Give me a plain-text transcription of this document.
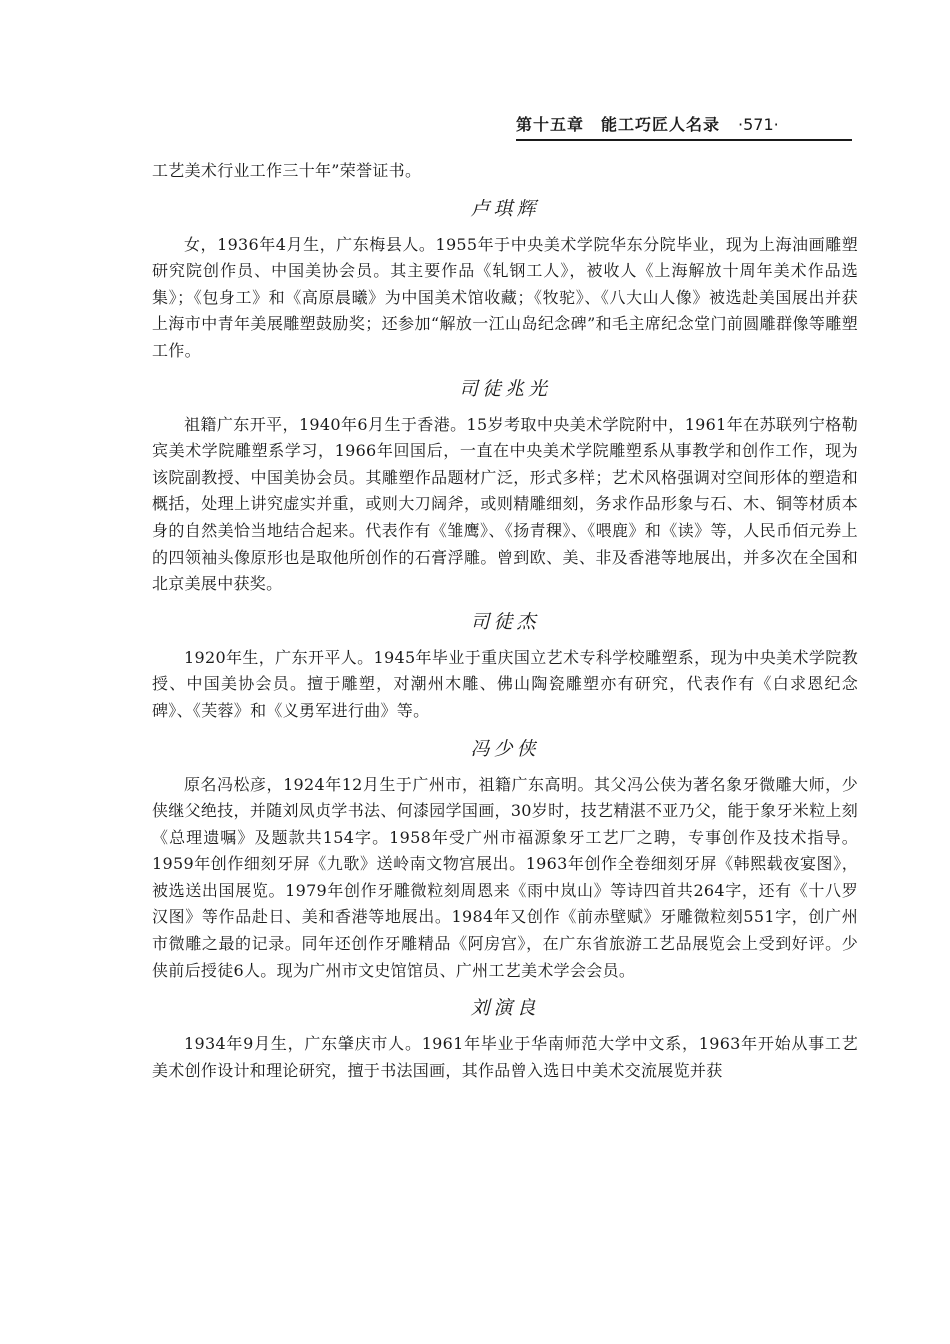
第十五章　能工巧匠人名录 ·571·

工艺美术行业工作三十年”荣誉证书。

卢琪辉

女，1936年4月生，广东梅县人。1955年于中央美术学院华东分院毕业，现为上海油画雕塑研究院创作员、中国美协会员。其主要作品《轧钢工人》，被收人《上海解放十周年美术作品选集》；《包身工》和《高原晨曦》为中国美术馆收藏；《牧驼》、《八大山人像》被选赴美国展出并获上海市中青年美展雕塑鼓励奖；还参加“解放一江山岛纪念碑”和毛主席纪念堂门前圆雕群像等雕塑工作。

司徒兆光

祖籍广东开平，1940年6月生于香港。15岁考取中央美术学院附中，1961年在苏联列宁格勒宾美术学院雕塑系学习，1966年回国后，一直在中央美术学院雕塑系从事教学和创作工作，现为该院副教授、中国美协会员。其雕塑作品题材广泛，形式多样；艺术风格强调对空间形体的塑造和概括，处理上讲究虚实并重，或则大刀阔斧，或则精雕细刻，务求作品形象与石、木、铜等材质本身的自然美恰当地结合起来。代表作有《雏鹰》、《扬青稞》、《喂鹿》和《读》等，人民币佰元券上的四领袖头像原形也是取他所创作的石膏浮雕。曾到欧、美、非及香港等地展出，并多次在全国和北京美展中获奖。

司徒杰

1920年生，广东开平人。1945年毕业于重庆国立艺术专科学校雕塑系，现为中央美术学院教授、中国美协会员。擅于雕塑，对潮州木雕、佛山陶瓷雕塑亦有研究，代表作有《白求恩纪念碑》、《芙蓉》和《义勇军进行曲》等。

冯少侠

原名冯松彦，1924年12月生于广州市，祖籍广东高明。其父冯公侠为著名象牙微雕大师，少侠继父绝技，并随刘凤贞学书法、何漆园学国画，30岁时，技艺精湛不亚乃父，能于象牙米粒上刻《总理遗嘱》及题款共154字。1958年受广州市福源象牙工艺厂之聘，专事创作及技术指导。1959年创作细刻牙屏《九歌》送岭南文物宫展出。1963年创作全卷细刻牙屏《韩熙载夜宴图》，被选送出国展览。1979年创作牙雕微粒刻周恩来《雨中岚山》等诗四首共264字，还有《十八罗汉图》等作品赴日、美和香港等地展出。1984年又创作《前赤壁赋》牙雕微粒刻551字，创广州市微雕之最的记录。同年还创作牙雕精品《阿房宫》，在广东省旅游工艺品展览会上受到好评。少侠前后授徒6人。现为广州市文史馆馆员、广州工艺美术学会会员。

刘演良

1934年9月生，广东肇庆市人。1961年毕业于华南师范大学中文系，1963年开始从事工艺美术创作设计和理论研究，擅于书法国画，其作品曾入选日中美术交流展览并获
